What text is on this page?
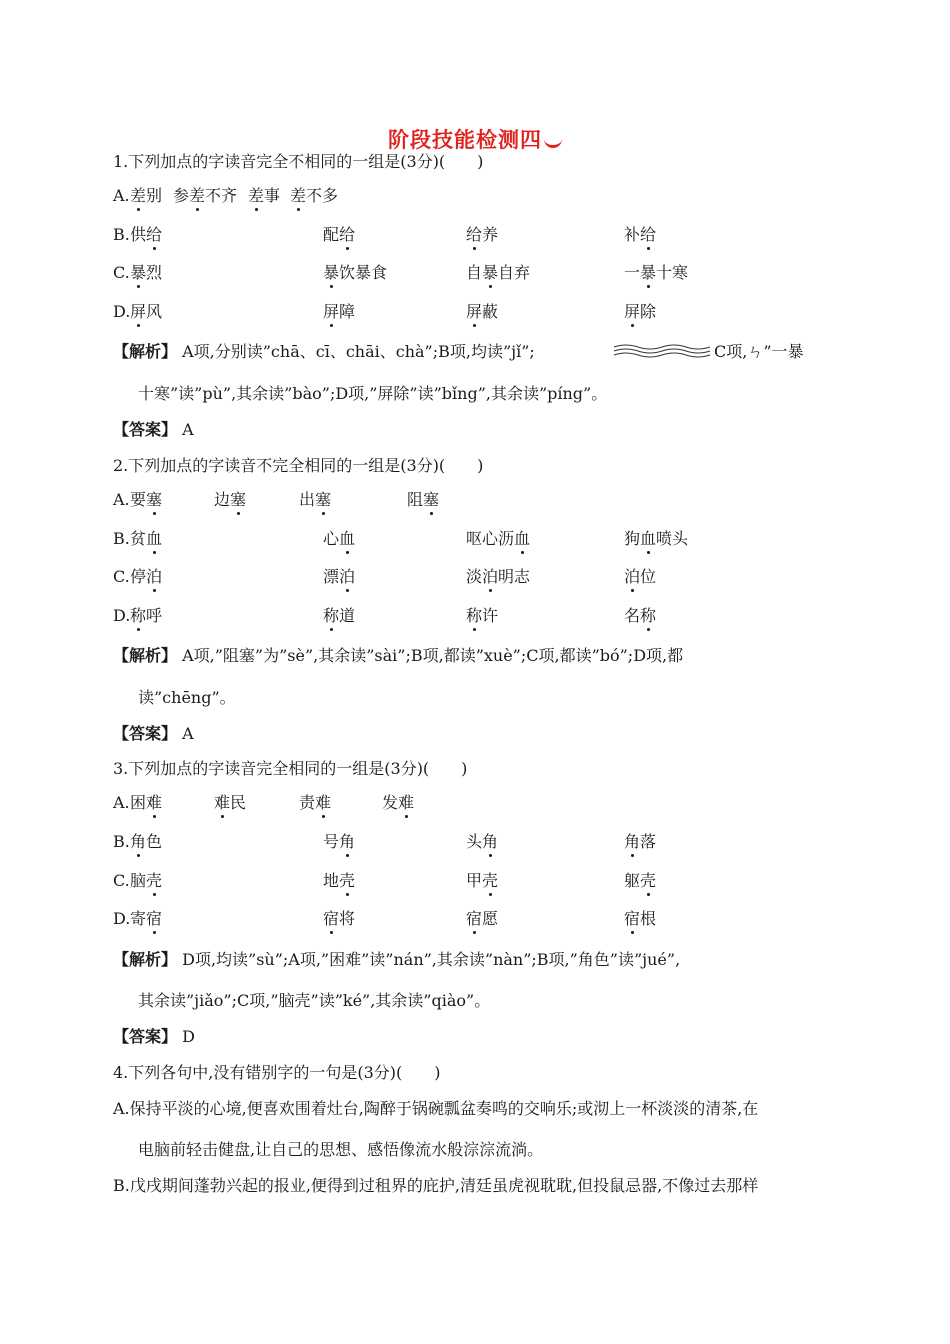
阶段技能检测四
1.下列加点的字读音完全不相同的一组是(3分)(　　)
A. 差别 参差不齐 差事 差不多
B. 供给	配给	给养	补给
C. 暴烈	暴饮暴食	自暴自弃	一暴十寒
D. 屏风	屏障	屏蔽	屏除
【解析】 A项,分别读”chā、cī、chāi、chà”;B项,均读”jǐ”;	C项,ㄣ”一暴
十寒”读”pù”,其余读”bào”;D项,”屏除”读”bǐng”,其余读”píng”。
【答案】 A
2.下列加点的字读音不完全相同的一组是(3分)(　　)
A. 要塞	边塞	出塞	阻塞
B. 贫血	心血	呕心沥血	狗血喷头
C. 停泊	漂泊	淡泊明志	泊位
D. 称呼	称道	称许	名称
【解析】 A项,”阻塞”为”sè”,其余读”sài”;B项,都读”xuè”;C项,都读”bó”;D项,都
读”chēng”。
【答案】 A
3.下列加点的字读音完全相同的一组是(3分)(　　)
A. 困难	难民	责难	发难
B. 角色	号角	头角	角落
C. 脑壳	地壳	甲壳	躯壳
D. 寄宿	宿将	宿愿	宿根
【解析】 D项,均读”sù”;A项,”困难”读”nán”,其余读”nàn”;B项,”角色”读”jué”,
其余读”jiǎo”;C项,”脑壳”读”ké”,其余读”qiào”。
【答案】 D
4.下列各句中,没有错别字的一句是(3分)(　　)
A.保持平淡的心境,便喜欢围着灶台,陶醉于锅碗瓢盆奏鸣的交响乐;或沏上一杯淡淡的清茶,在
电脑前轻击健盘,让自己的思想、感悟像流水般淙淙流淌。
B.戊戌期间蓬勃兴起的报业,便得到过租界的庇护,清廷虽虎视耽耽,但投鼠忌器,不像过去那样
